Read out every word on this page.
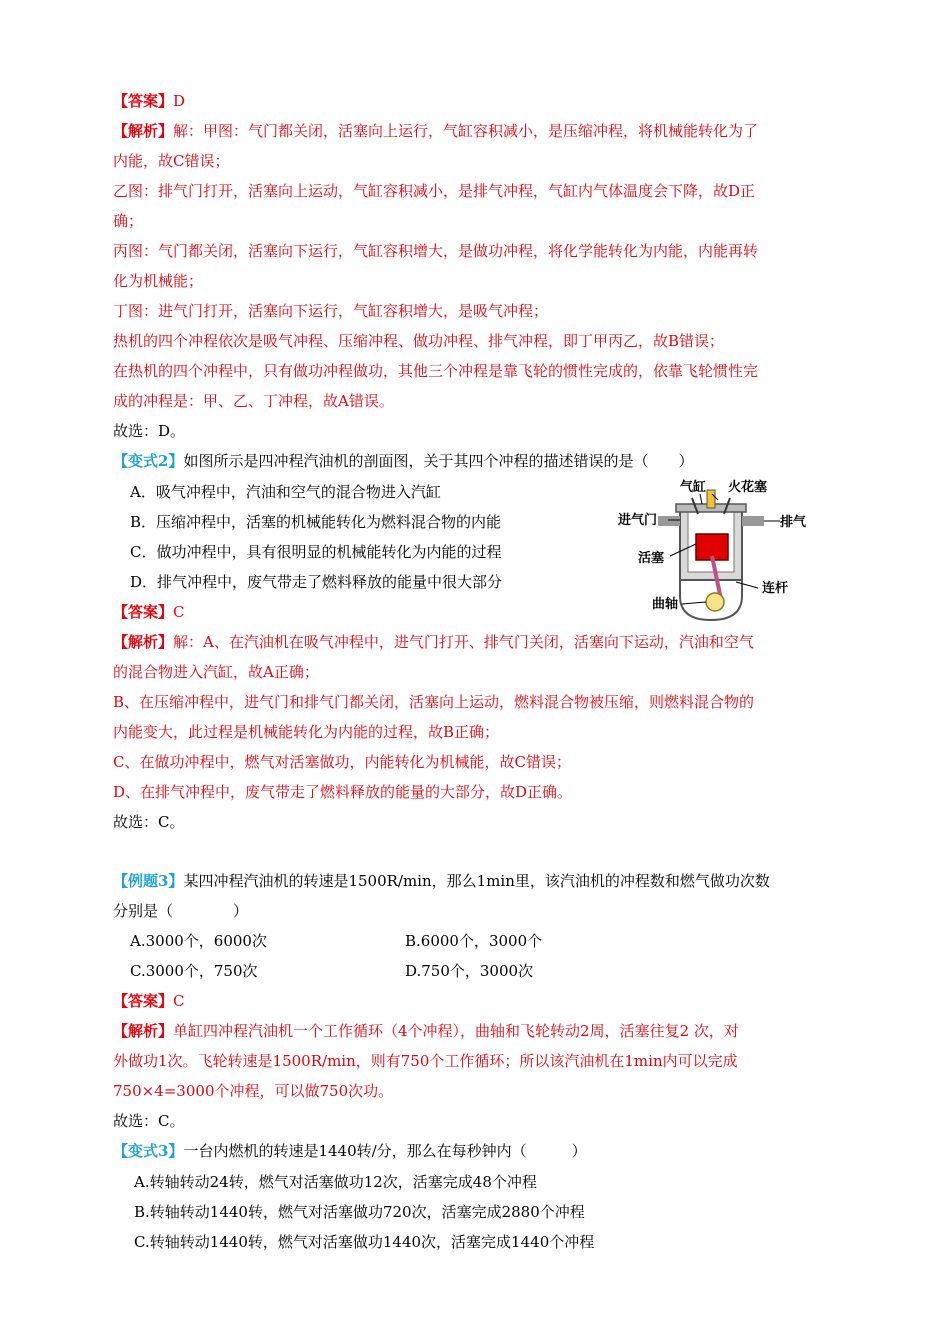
【答案】D
【解析】解：甲图：气门都关闭，活塞向上运行，气缸容积减小，是压缩冲程，将机械能转化为了
内能，故C错误；
乙图：排气门打开，活塞向上运动，气缸容积减小，是排气冲程，气缸内气体温度会下降，故D正
确；
丙图：气门都关闭，活塞向下运行，气缸容积增大，是做功冲程，将化学能转化为内能，内能再转
化为机械能；
丁图：进气门打开，活塞向下运行，气缸容积增大，是吸气冲程；
热机的四个冲程依次是吸气冲程、压缩冲程、做功冲程、排气冲程，即丁甲丙乙，故B错误；
在热机的四个冲程中，只有做功冲程做功，其他三个冲程是靠飞轮的惯性完成的，依靠飞轮惯性完
成的冲程是：甲、乙、丁冲程，故A错误。
故选：D。
【变式2】如图所示是四冲程汽油机的剖面图，关于其四个冲程的描述错误的是（　　）
A．吸气冲程中，汽油和空气的混合物进入汽缸
B．压缩冲程中，活塞的机械能转化为燃料混合物的内能
C．做功冲程中，具有很明显的机械能转化为内能的过程
D．排气冲程中，废气带走了燃料释放的能量中很大部分
气缸 火花塞
进气门	排气
活塞
连杆
曲轴
【答案】C
【解析】解：A、在汽油机在吸气冲程中，进气门打开、排气门关闭，活塞向下运动，汽油和空气
的混合物进入汽缸，故A正确；
B、在压缩冲程中，进气门和排气门都关闭，活塞向上运动，燃料混合物被压缩，则燃料混合物的
内能变大，此过程是机械能转化为内能的过程，故B正确；
C、在做功冲程中，燃气对活塞做功，内能转化为机械能，故C错误；
D、在排气冲程中，废气带走了燃料释放的能量的大部分，故D正确。
故选：C。
【例题3】某四冲程汽油机的转速是1500R/min，那么1min里，该汽油机的冲程数和燃气做功次数
分别是（　　　　）
A.3000个，6000次	B.6000个，3000个
C.3000个，750次	D.750个，3000次
【答案】C
【解析】单缸四冲程汽油机一个工作循环（4个冲程），曲轴和飞轮转动2周，活塞往复2 次，对
外做功1次。飞轮转速是1500R/min，则有750个工作循环；所以该汽油机在1min内可以完成
750×4=3000个冲程，可以做750次功。
故选：C。
【变式3】一台内燃机的转速是1440转/分，那么在每秒钟内（　　　）
A.转轴转动24转，燃气对活塞做功12次，活塞完成48个冲程
B.转轴转动1440转，燃气对活塞做功720次，活塞完成2880个冲程
C.转轴转动1440转，燃气对活塞做功1440次，活塞完成1440个冲程
